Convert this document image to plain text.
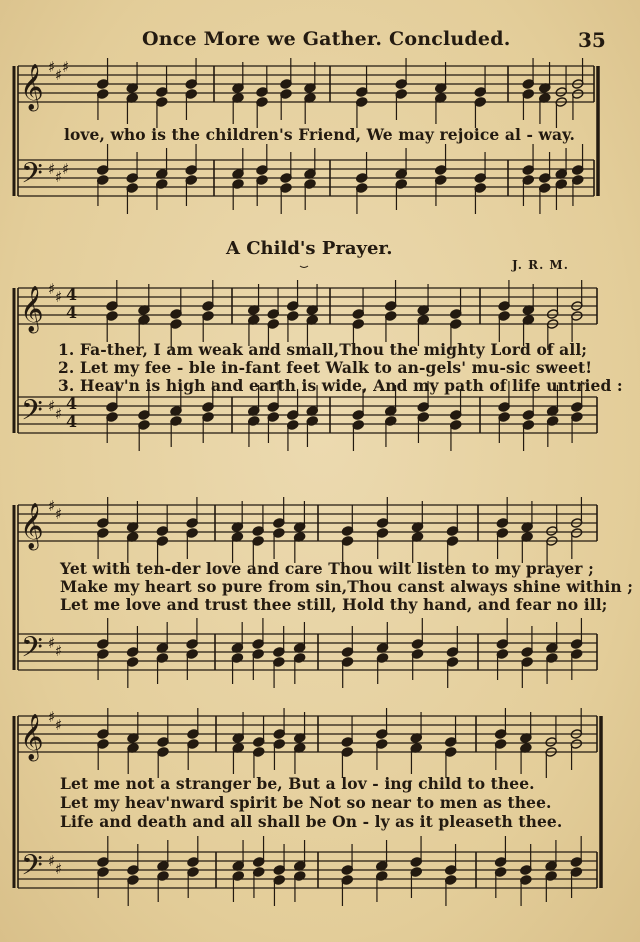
Once More we Gather. Concluded.	35
𝄞
𝄢
♯ ♯ ♯
♯ ♯ ♯
𝄞
𝄢
♯ ♯
♯ ♯
4
4
4
4
𝄞
𝄢
♯ ♯
♯ ♯
𝄞
𝄢
♯ ♯
♯ ♯
love, who is the children's Friend, We may rejoice al - way.
A Child's Prayer.
J. R. M.
1. Fa-ther, I am weak and small,Thou the mighty Lord of all;
2. Let my fee - ble in-fant feet Walk to an-gels' mu-sic sweet!
3. Heav'n is high and earth is wide, And my path of life untried :
Yet with ten-der love and care Thou wilt listen to my prayer ;
Make my heart so pure from sin,Thou canst always shine within ;
Let me love and trust thee still, Hold thy hand, and fear no ill;
Let me not a stranger be, But a lov - ing child to thee.
Let my heav'nward spirit be Not so near to men as thee.
Life and death and all shall be On - ly as it pleaseth thee.
